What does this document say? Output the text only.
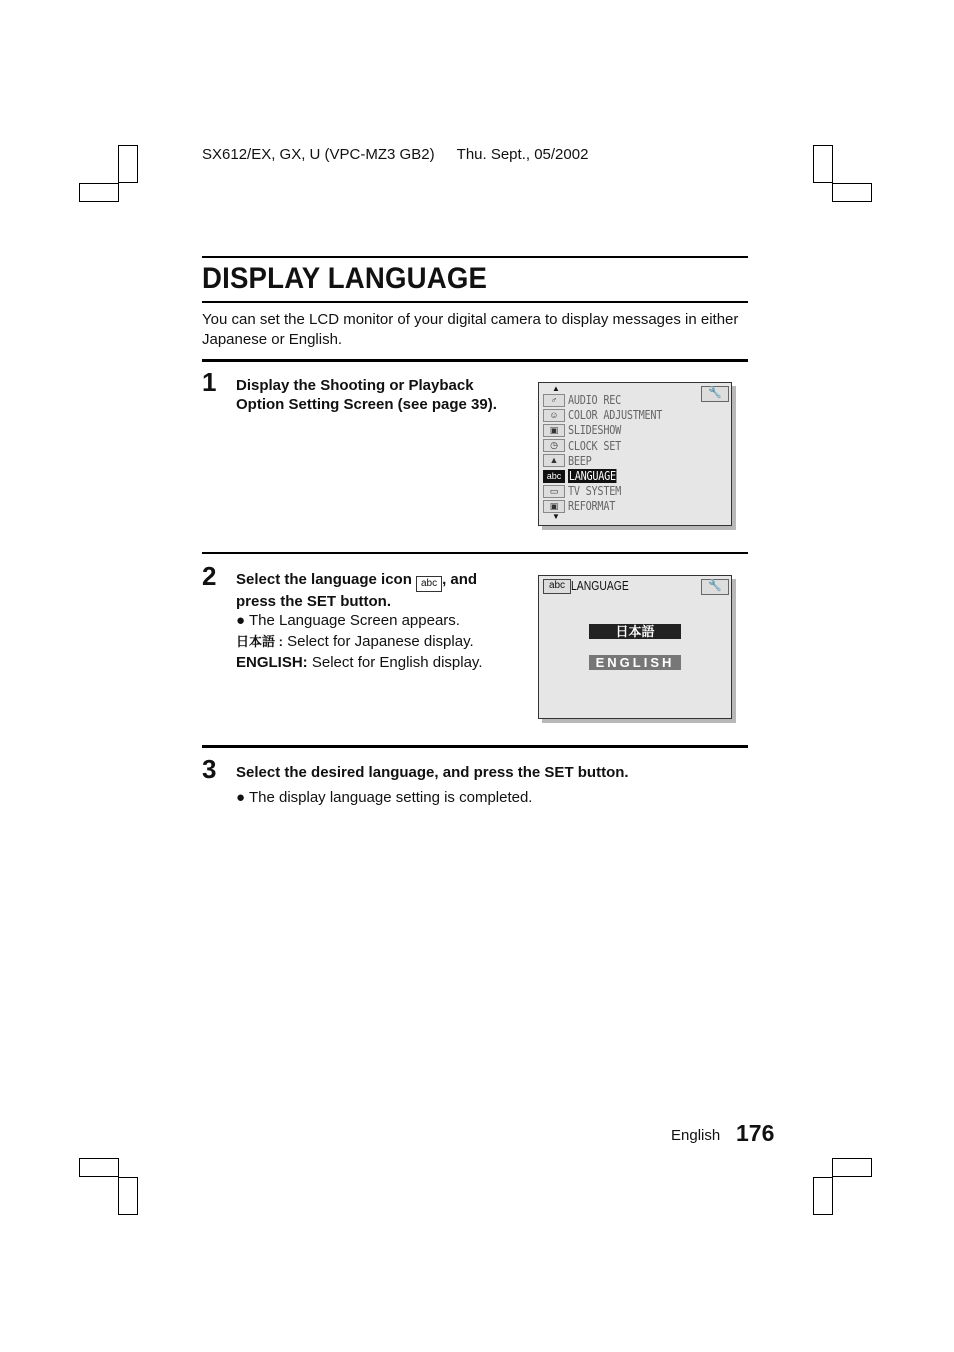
SX612/EX, GX, U (VPC-MZ3 GB2) Thu. Sept., 05/2002
DISPLAY LANGUAGE
You can set the LCD monitor of your digital camera to display messages in either Japanese or English.
1 Display the Shooting or Playback
Option Setting Screen (see page 39).
▲	🔧
♂ AUDIO REC
☺ COLOR ADJUSTMENT
▣ SLIDESHOW
◷ CLOCK SET
▲ BEEP
abc LANGUAGE
▭ TV SYSTEM
▣ REFORMAT
▼
2 Select the language icon abc , and
press the SET button.
● The Language Screen appears.
日本語 : Select for Japanese display.
ENGLISH: Select for English display.
abc LANGUAGE	🔧
日本語
ENGLISH
3 Select the desired language, and press the SET button.
● The display language setting is completed.
English 176
